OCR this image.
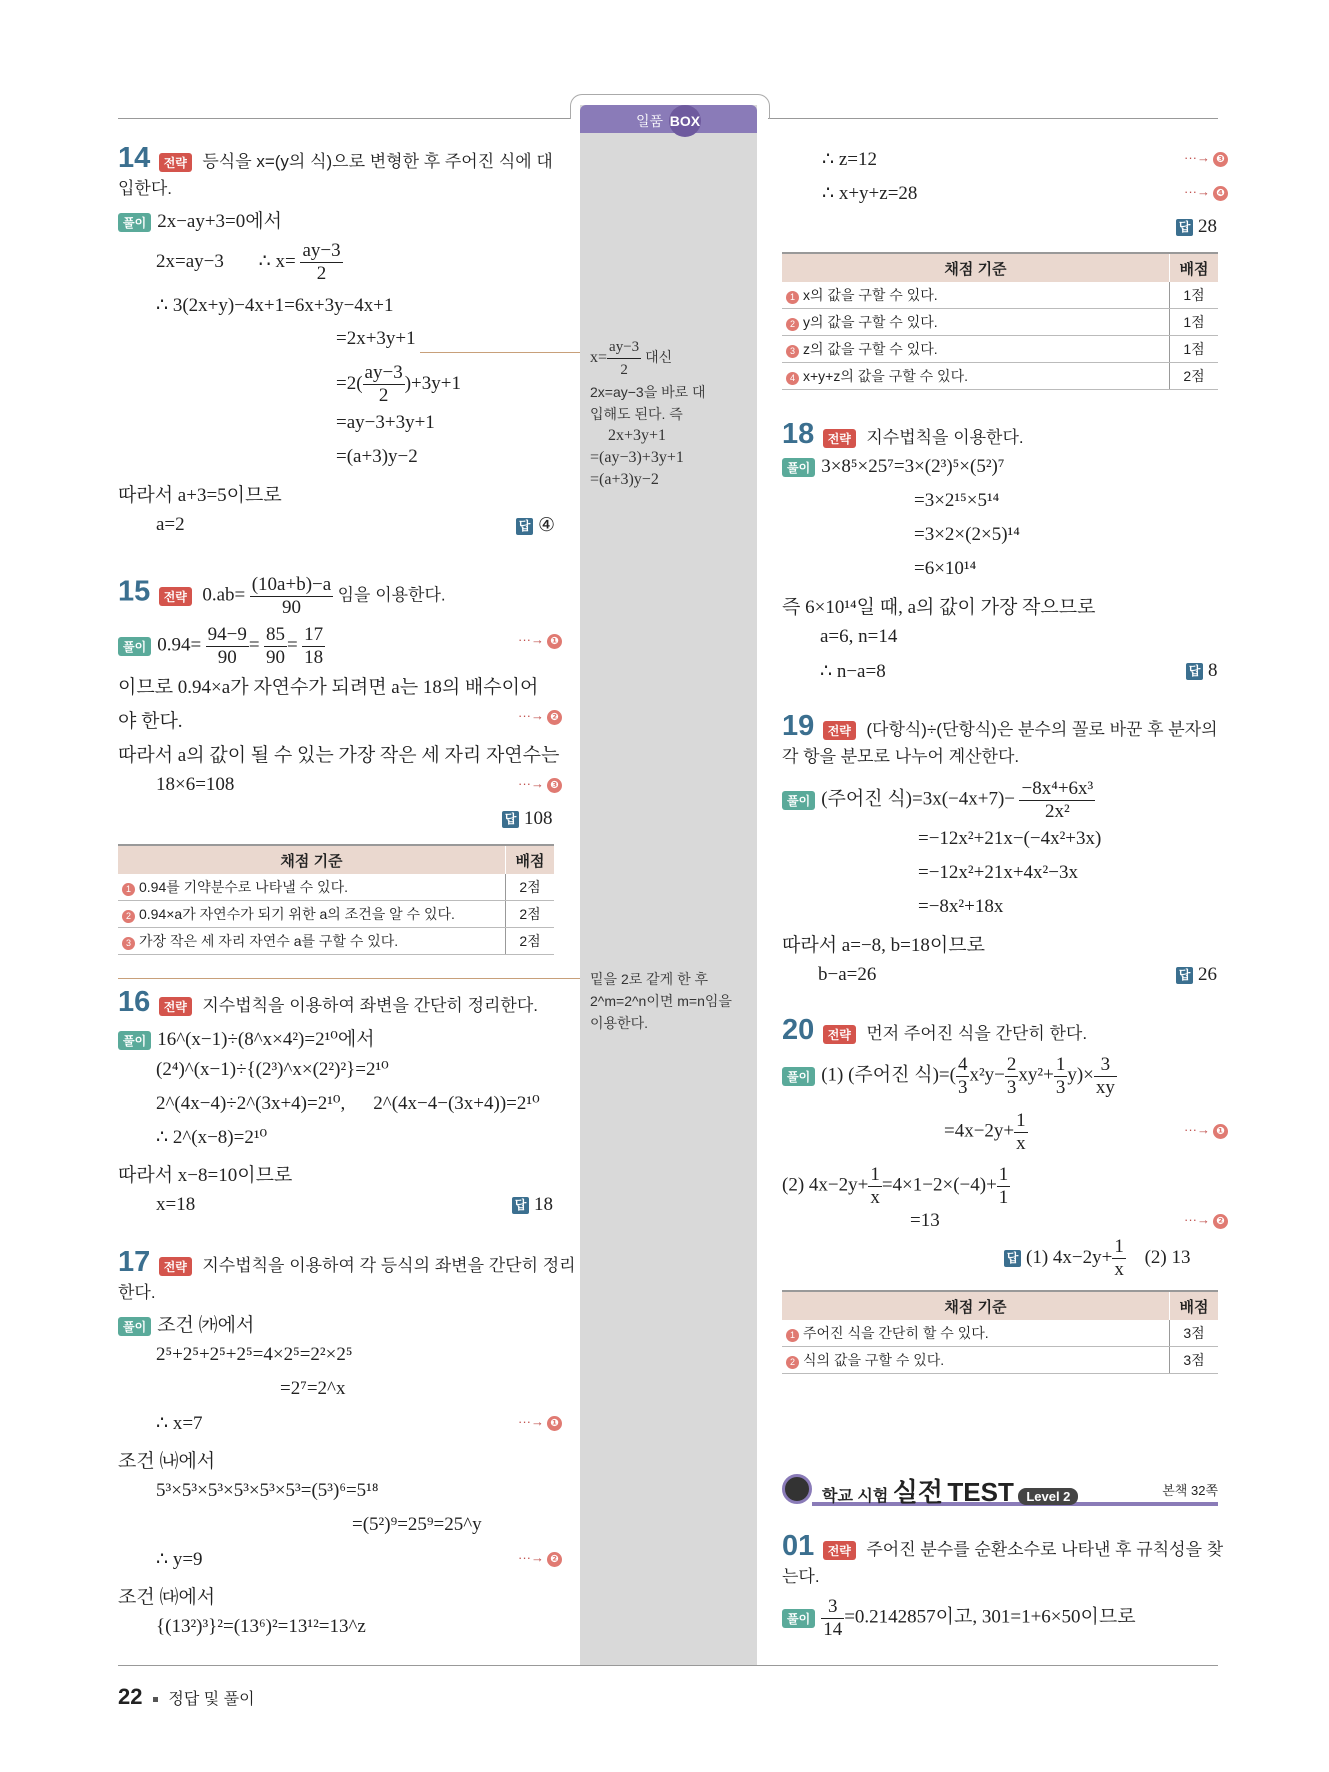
일품 BOX
14 전략 등식을 x=(y의 식)으로 변형한 후 주어진 식에 대
입한다.
풀이 2x−ay+3=0에서
2x=ay−3 ∴ $x= \frac{ay-3}{2}$
∴ 3(2x+y)−4x+1=6x+3y−4x+1
=2x+3y+1
$=2( \frac{ay-3}{2} )+3y+1$
=ay−3+3y+1
=(a+3)y−2
따라서 a+3=5이므로
a=2	답 ④
15 전략 $0.ab= \frac{(10a+b)-a}{90}$ 임을 이용한다.
풀이 $0.94= \frac{94-9}{90} = \frac{85}{90} = \frac{17}{18}$	···→ ❶
이므로 0.94×a가 자연수가 되려면 a는 18의 배수이어
야 한다.	···→ ❷
따라서 a의 값이 될 수 있는 가장 작은 세 자리 자연수는
18×6=108	···→ ❸
답 108
채점 기준	배점
1 0.94를 기약분수로 나타낼 수 있다.	2점
2 0.94×a가 자연수가 되기 위한 a의 조건을 알 수 있다.	2점
3 가장 작은 세 자리 자연수 a를 구할 수 있다.	2점
16 전략 지수법칙을 이용하여 좌변을 간단히 정리한다.
풀이 16^(x−1)÷(8^x×4²)=2¹⁰에서
(2⁴)^(x−1)÷{(2³)^x×(2²)²}=2¹⁰
2^(4x−4)÷2^(3x+4)=2¹⁰, 2^(4x−4−(3x+4))=2¹⁰
∴ 2^(x−8)=2¹⁰
따라서 x−8=10이므로
x=18	답 18
17 전략 지수법칙을 이용하여 각 등식의 좌변을 간단히 정리
한다.
풀이 조건 ㈎에서
2⁵+2⁵+2⁵+2⁵=4×2⁵=2²×2⁵
=2⁷=2^x
∴ x=7	···→ ❶
조건 ㈏에서
5³×5³×5³×5³×5³×5³=(5³)⁶=5¹⁸
=(5²)⁹=25⁹=25^y
∴ y=9	···→ ❷
조건 ㈐에서
{(13²)³}²=(13⁶)²=13¹²=13^z
$x= \frac{ay-3}{2}$ 대신
2x=ay−3을 바로 대
입해도 된다. 즉
2x+3y+1
=(ay−3)+3y+1
=(a+3)y−2
밑을 2로 같게 한 후
2^m=2^n이면 m=n임을
이용한다.
∴ z=12	···→ ❸
∴ x+y+z=28	···→ ❹
답 28
채점 기준	배점
1 x의 값을 구할 수 있다.	1점
2 y의 값을 구할 수 있다.	1점
3 z의 값을 구할 수 있다.	1점
4 x+y+z의 값을 구할 수 있다.	2점
18 전략 지수법칙을 이용한다.
풀이 3×8⁵×25⁷=3×(2³)⁵×(5²)⁷
=3×2¹⁵×5¹⁴
=3×2×(2×5)¹⁴
=6×10¹⁴
즉 6×10¹⁴일 때, a의 값이 가장 작으므로
a=6, n=14
∴ n−a=8	답 8
19 전략 (다항식)÷(단항식)은 분수의 꼴로 바꾼 후 분자의
각 항을 분모로 나누어 계산한다.
풀이 (주어진 식)$=3x(-4x+7)- \frac{\text{−8x⁴+6x³}}{\text{2x²}}$
=−12x²+21x−(−4x²+3x)
=−12x²+21x+4x²−3x
=−8x²+18x
따라서 a=−8, b=18이므로
b−a=26	답 26
20 전략 먼저 주어진 식을 간단히 한다.
풀이 (1) (주어진 식)=( $\frac{4}{3} x^2y- \frac{2}{3} xy^2+ \frac{1}{3} y)\times \frac{3}{xy}$
$=4x-2y+ \frac{1}{x}$	···→ ❶
(2) $4x-2y+ \frac{1}{x} =4\times 1-2\times(-4)+ \frac{1}{1}$
=13	···→ ❷
답 (1) $4x-2y+ \frac{1}{x} (2)$ 13
채점 기준	배점
1 주어진 식을 간단히 할 수 있다.	3점
2 식의 값을 구할 수 있다.	3점
학교 시험 실전 TEST Level 2	본책 32쪽
01 전략 주어진 분수를 순환소수로 나타낸 후 규칙성을 찾
는다.
풀이 $\frac{3}{14} =0.2142857$이고, 301=1+6×50이므로
22 정답 및 풀이
